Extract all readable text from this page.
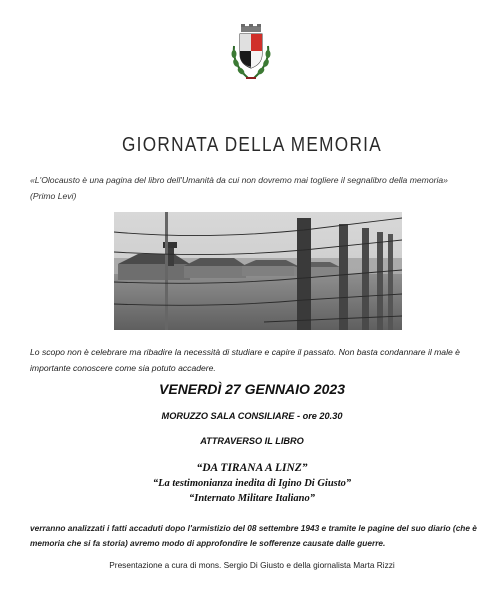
GIORNATA DELLA MEMORIA
«L'Olocausto è una pagina del libro dell'Umanità da cui non dovremo mai togliere il segnalibro della memoria» (Primo Levi)
Lo scopo non è celebrare ma ribadire la necessità di studiare e capire il passato. Non basta condannare il male è importante conoscere come sia potuto accadere.
VENERDÌ 27 GENNAIO 2023
MORUZZO SALA CONSILIARE - ore 20.30
ATTRAVERSO IL LIBRO
“DA TIRANA A LINZ”
“La testimonianza inedita di Igino Di Giusto”
“Internato Militare Italiano”
verranno analizzati i fatti accaduti dopo l'armistizio del 08 settembre 1943 e tramite le pagine del suo diario (che è memoria che si fa storia) avremo modo di approfondire le sofferenze causate dalle guerre.
Presentazione a cura di mons. Sergio Di Giusto e della giornalista Marta Rizzi
